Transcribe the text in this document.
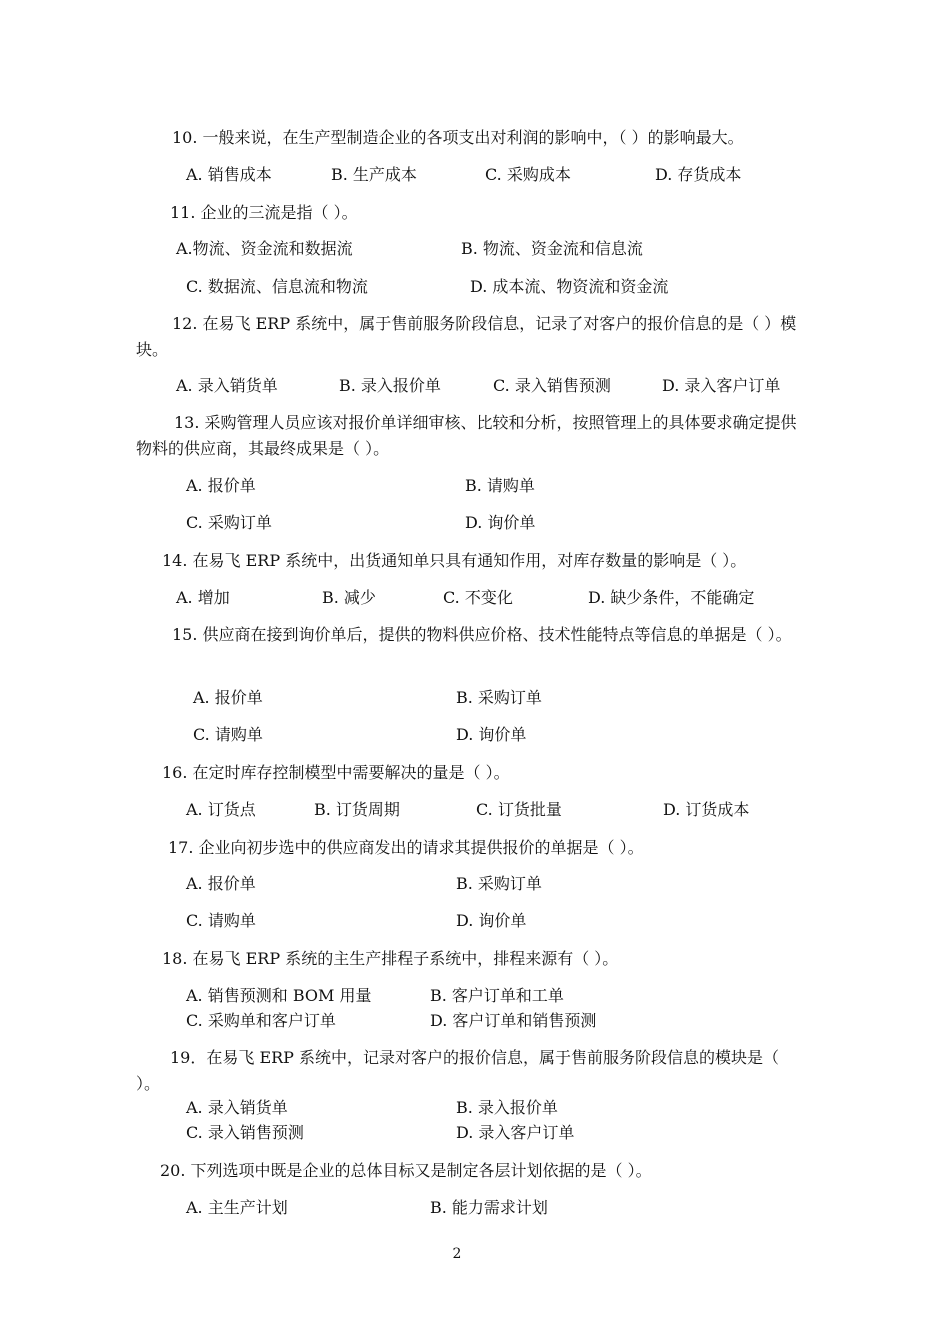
10. 一般来说，在生产型制造企业的各项支出对利润的影响中，（ ）的影响最大。
A. 销售成本	B. 生产成本	C. 采购成本	D. 存货成本
11. 企业的三流是指（ ）。
A.物流、资金流和数据流	B. 物流、资金流和信息流
C. 数据流、信息流和物流	D. 成本流、物资流和资金流
12. 在易飞 ERP 系统中，属于售前服务阶段信息，记录了对客户的报价信息的是（ ）模块。
A. 录入销货单	B. 录入报价单	C. 录入销售预测	D. 录入客户订单
13. 采购管理人员应该对报价单详细审核、比较和分析，按照管理上的具体要求确定提供物料的供应商，其最终成果是（ ）。
A. 报价单	B. 请购单
C. 采购订单	D. 询价单
14. 在易飞 ERP 系统中，出货通知单只具有通知作用，对库存数量的影响是（ ）。
A. 增加	B. 减少	C. 不变化	D. 缺少条件，不能确定
15. 供应商在接到询价单后，提供的物料供应价格、技术性能特点等信息的单据是（ ）。
A. 报价单	B. 采购订单
C. 请购单	D. 询价单
16. 在定时库存控制模型中需要解决的量是（ ）。
A. 订货点	B. 订货周期	C. 订货批量	D. 订货成本
17. 企业向初步选中的供应商发出的请求其提供报价的单据是（ ）。
A. 报价单	B. 采购订单
C. 请购单	D. 询价单
18. 在易飞 ERP 系统的主生产排程子系统中，排程来源有（ ）。
A. 销售预测和 BOM 用量	B. 客户订单和工单
C. 采购单和客户订单	D. 客户订单和销售预测
19．在易飞 ERP 系统中，记录对客户的报价信息，属于售前服务阶段信息的模块是（ ）。
A. 录入销货单	B. 录入报价单
C. 录入销售预测	D. 录入客户订单
20. 下列选项中既是企业的总体目标又是制定各层计划依据的是（ ）。
A. 主生产计划	B. 能力需求计划
2
